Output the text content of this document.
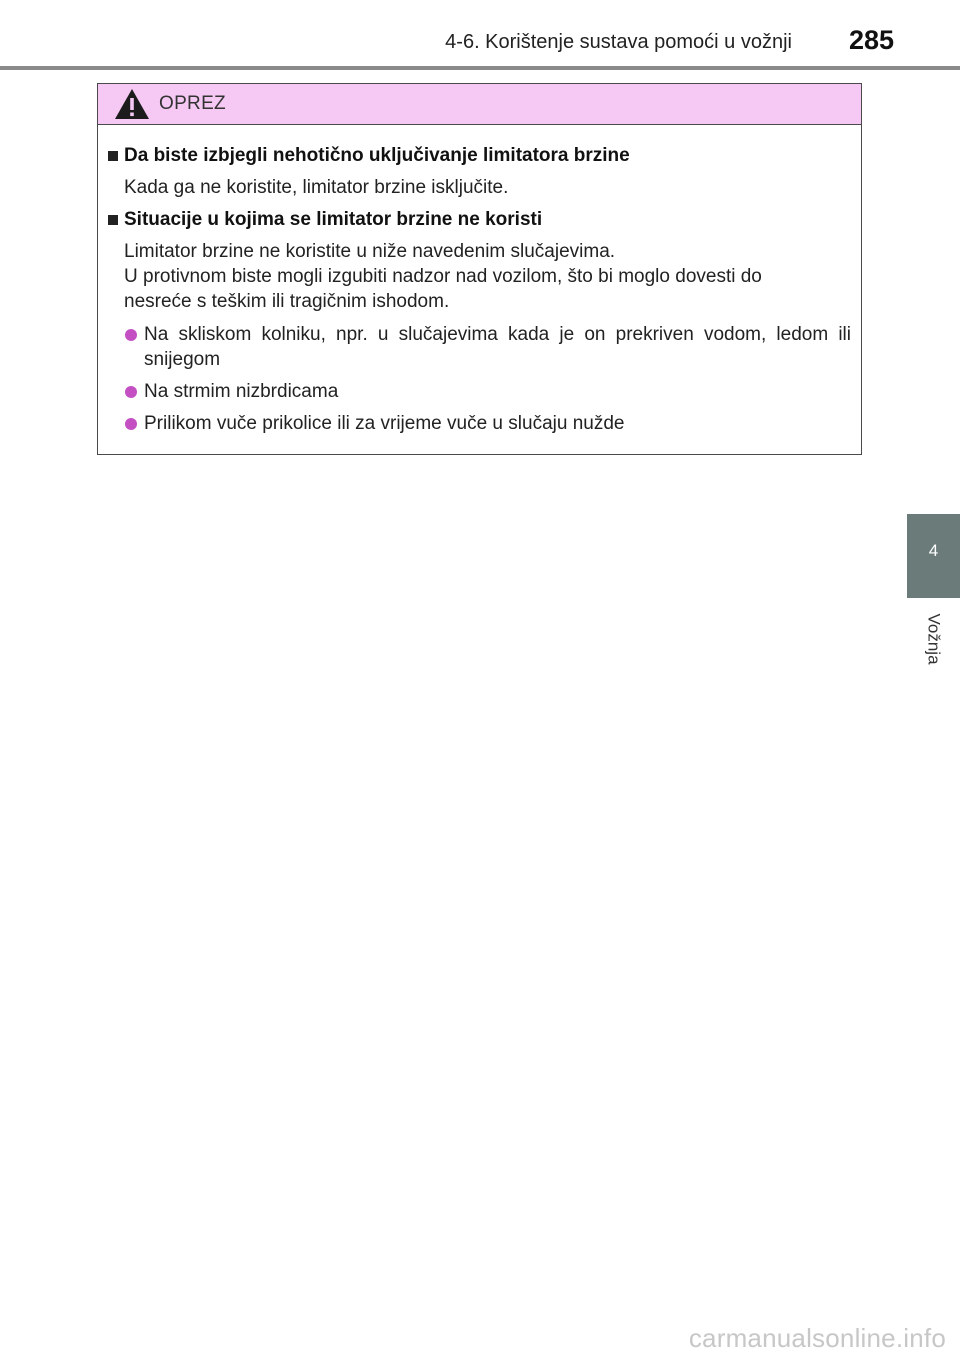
4-6. Korištenje sustava pomoći u vožnji 285
4
Vožnja
OPREZ
Da biste izbjegli nehotično uključivanje limitatora brzine
Kada ga ne koristite, limitator brzine isključite.
Situacije u kojima se limitator brzine ne koristi
Limitator brzine ne koristite u niže navedenim slučajevima.
U protivnom biste mogli izgubiti nadzor nad vozilom, što bi moglo dovesti do
nesreće s teškim ili tragičnim ishodom.
Na skliskom kolniku, npr. u slučajevima kada je on prekriven vodom, ledom ili snijegom
Na strmim nizbrdicama
Prilikom vuče prikolice ili za vrijeme vuče u slučaju nužde
carmanualsonline.info
